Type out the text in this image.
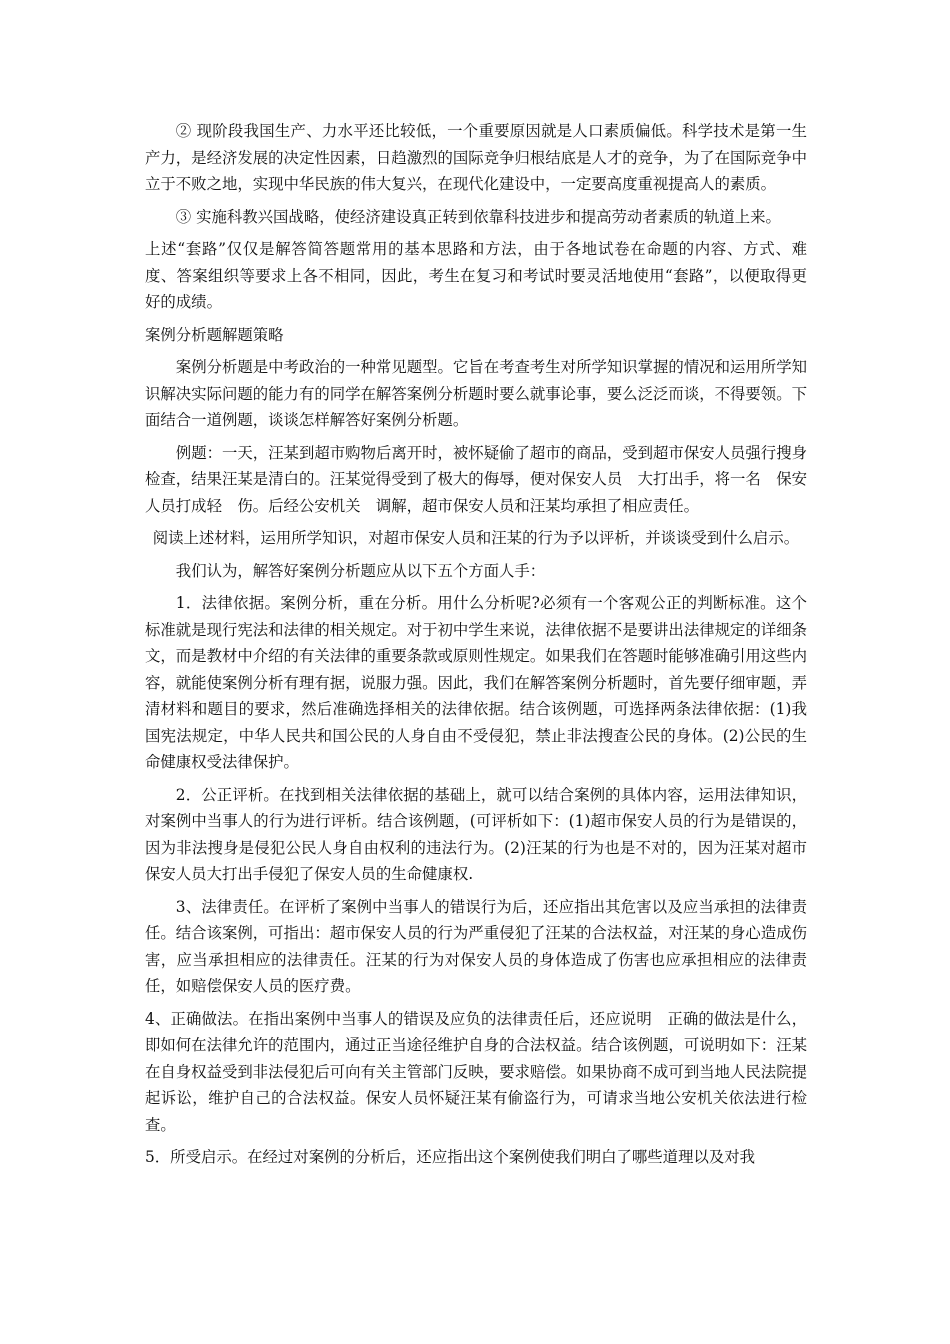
② 现阶段我国生产、力水平还比较低，一个重要原因就是人口素质偏低。科学技术是第一生产力，是经济发展的决定性因素，日趋激烈的国际竞争归根结底是人才的竞争，为了在国际竞争中立于不败之地，实现中华民族的伟大复兴，在现代化建设中，一定要高度重视提高人的素质。

③ 实施科教兴国战略，使经济建设真正转到依靠科技进步和提高劳动者素质的轨道上来。

上述“套路”仅仅是解答简答题常用的基本思路和方法，由于各地试卷在命题的内容、方式、难度、答案组织等要求上各不相同，因此，考生在复习和考试时要灵活地使用“套路”，以便取得更好的成绩。

案例分析题解题策略

案例分析题是中考政治的一种常见题型。它旨在考查考生对所学知识掌握的情况和运用所学知识解决实际问题的能力有的同学在解答案例分析题时要么就事论事，要么泛泛而谈，不得要领。下面结合一道例题，谈谈怎样解答好案例分析题。

例题：一天，汪某到超市购物后离开时，被怀疑偷了超市的商品，受到超市保安人员强行搜身检查，结果汪某是清白的。汪某觉得受到了极大的侮辱，便对保安人员　大打出手，将一名　保安人员打成轻　伤。后经公安机关　调解，超市保安人员和汪某均承担了相应责任。

阅读上述材料，运用所学知识，对超市保安人员和汪某的行为予以评析，并谈谈受到什么启示。

我们认为，解答好案例分析题应从以下五个方面人手：

1．法律依据。案例分析，重在分析。用什么分析呢?必须有一个客观公正的判断标准。这个标准就是现行宪法和法律的相关规定。对于初中学生来说，法律依据不是要讲出法律规定的详细条文，而是教材中介绍的有关法律的重要条款或原则性规定。如果我们在答题时能够准确引用这些内容，就能使案例分析有理有据，说服力强。因此，我们在解答案例分析题时，首先要仔细审题，弄清材料和题目的要求，然后准确选择相关的法律依据。结合该例题，可选择两条法律依据：(1)我国宪法规定，中华人民共和国公民的人身自由不受侵犯，禁止非法搜查公民的身体。(2)公民的生命健康权受法律保护。

2．公正评析。在找到相关法律依据的基础上，就可以结合案例的具体内容，运用法律知识，对案例中当事人的行为进行评析。结合该例题，(可评析如下：(1)超市保安人员的行为是错误的，因为非法搜身是侵犯公民人身自由权利的违法行为。(2)汪某的行为也是不对的，因为汪某对超市保安人员大打出手侵犯了保安人员的生命健康权.

3、法律责任。在评析了案例中当事人的错误行为后，还应指出其危害以及应当承担的法律责任。结合该案例，可指出：超市保安人员的行为严重侵犯了汪某的合法权益，对汪某的身心造成伤害，应当承担相应的法律责任。汪某的行为对保安人员的身体造成了伤害也应承担相应的法律责任，如赔偿保安人员的医疗费。

4、正确做法。在指出案例中当事人的错误及应负的法律责任后，还应说明　正确的做法是什么，即如何在法律允许的范围内，通过正当途径维护自身的合法权益。结合该例题，可说明如下：汪某在自身权益受到非法侵犯后可向有关主管部门反映，要求赔偿。如果协商不成可到当地人民法院提起诉讼，维护自己的合法权益。保安人员怀疑汪某有偷盗行为，可请求当地公安机关依法进行检查。

5．所受启示。在经过对案例的分析后，还应指出这个案例使我们明白了哪些道理以及对我
